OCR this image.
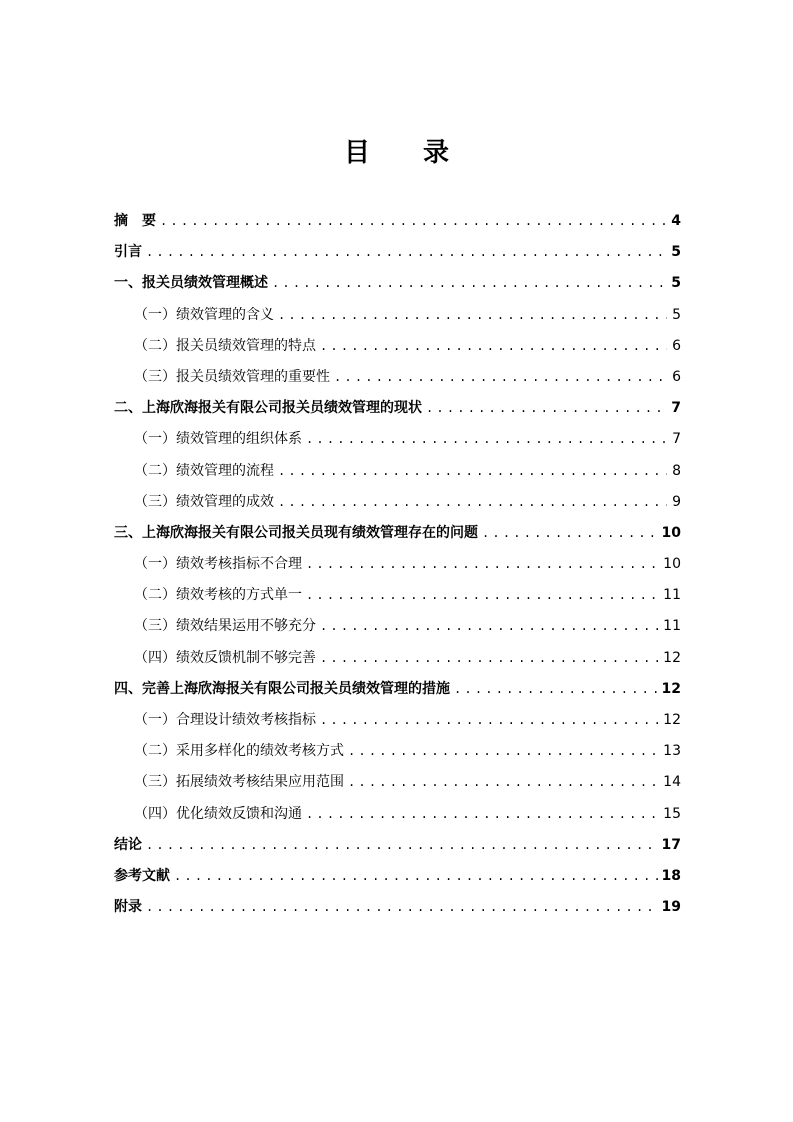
目 录
摘　要 .....	4
引言 .....	5
一、报关员绩效管理概述 .....	5
（一）绩效管理的含义 .....	5
（二）报关员绩效管理的特点 .....	6
（三）报关员绩效管理的重要性 .....	6
二、上海欣海报关有限公司报关员绩效管理的现状 .....	7
（一）绩效管理的组织体系 .....	7
（二）绩效管理的流程 .....	8
（三）绩效管理的成效 .....	9
三、上海欣海报关有限公司报关员现有绩效管理存在的问题 .....	10
（一）绩效考核指标不合理 .....	10
（二）绩效考核的方式单一 .....	11
（三）绩效结果运用不够充分 .....	11
（四）绩效反馈机制不够完善 .....	12
四、完善上海欣海报关有限公司报关员绩效管理的措施 .....	12
（一）合理设计绩效考核指标 .....	12
（二）采用多样化的绩效考核方式 .....	13
（三）拓展绩效考核结果应用范围 .....	14
（四）优化绩效反馈和沟通 .....	15
结论 .....	17
参考文献 .....	18
附录 .....	19
